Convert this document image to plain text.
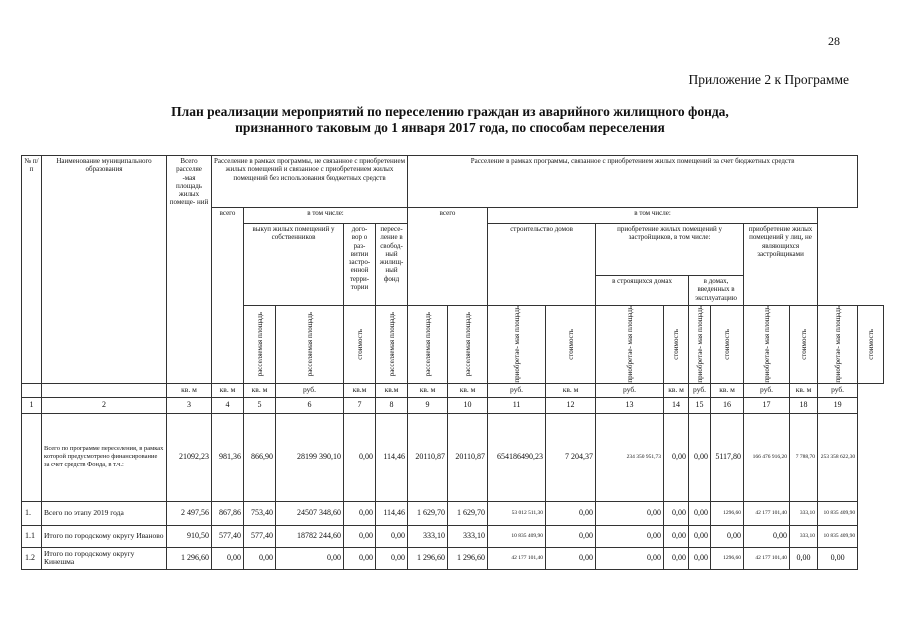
28
Приложение 2 к Программе
План реализации мероприятий по переселению граждан из аварийного жилищного фонда,
признанного таковым до 1 января 2017 года, по способам переселения
№ п/п	Наименование муниципального образования	Всего расселяе -мая площадь жилых помеще- ний	Расселение в рамках программы, не связанное с приобретением жилых помещений и связанное с приобретением жилых помещений без использования бюджетных средств					Расселение в рамках программы, связанное с приобретением жилых помещений за счет бюджетных средств											
			всего	в том числе:				всего		в том числе:									
				выкуп жилых помещений у собственников		дого- вор о раз- витии застро- енной терри- тории	пересе- ление в свобод- ный жилищ- ный фонд			строительство домов		приобретение жилых помещений у застройщиков, в том числе:				приобретение жилых помещений у лиц, не являющихся застройщиками			
												в строящихся домах		в домах, введенных в эксплуатацию					

				расселяемая площадь	расселяемая площадь	стоимость	расселяемая площадь	расселяемая площадь	расселяемая площадь	приобретае- мая площадь	стоимость	приобретае- мая площадь	стоимость	приобретае- мая площадь	стоимость	приобретае- мая площадь	стоимость	приобретае- мая площадь	стоимость

		кв. м	кв. м	кв. м	руб.	кв.м	кв.м	кв. м	кв. м	руб.	кв. м	руб.	кв. м	руб.	кв. м	руб.	кв. м	руб.	
1	2	3	4	5	6	7	8	9	10	11	12	13	14	15	16	17	18	19	
	Всего по программе переселения, в рамках которой предусмотрено финансирование за счет средств Фонда, в т.ч.:	21092,23	981,36	866,90	28199 390,10	0,00	114,46	20110,87	20110,87	654186490,23	7 204,37	234 350 951,73	0,00	0,00	5117,80	166 476 916,20	7 788,70	253 358 622,30	
1.	Всего по этапу 2019 года	2 497,56	867,86	753,40	24507 348,60	0,00	114,46	1 629,70	1 629,70	53 012 511,30	0,00	0,00	0,00	0,00	1296,60	42 177 101,40	333,10	10 835 409,90	
1.1	Итого по городскому округу Иваново	910,50	577,40	577,40	18782 244,60	0,00	0,00	333,10	333,10	10 835 409,90	0,00	0,00	0,00	0,00	0,00	0,00	333,10	10 835 409,90	
1.2	Итого по городскому округу Кинешма	1 296,60	0,00	0,00	0,00	0,00	0,00	1 296,60	1 296,60	42 177 101,40	0,00	0,00	0,00	0,00	1296,60	42 177 101,40	0,00	0,00	
